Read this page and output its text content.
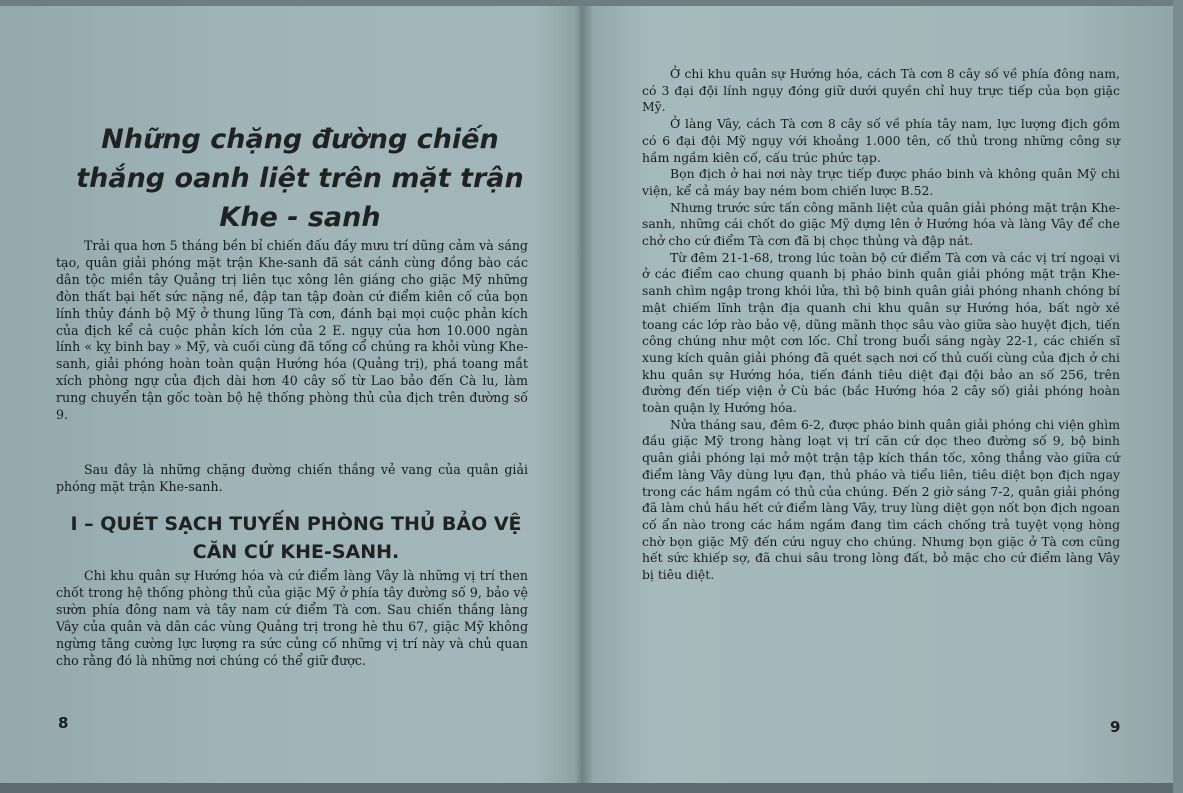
Những chặng đường chiến thắng oanh liệt trên mặt trận Khe - sanh

Trải qua hơn 5 tháng bền bỉ chiến đấu đầy mưu trí dũng cảm và sáng tạo, quân giải phóng mặt trận Khe-sanh đã sát cánh cùng đồng bào các dân tộc miền tây Quảng trị liên tục xông lên giáng cho giặc Mỹ những đòn thất bại hết sức nặng nề, đập tan tập đoàn cứ điểm kiên cố của bọn lính thủy đánh bộ Mỹ ở thung lũng Tà cơn, đánh bại mọi cuộc phản kích của địch kể cả cuộc phản kích lớn của 2 E. ngụy của hơn 10.000 ngàn lính « kỵ binh bay » Mỹ, và cuối cùng đã tống cổ chúng ra khỏi vùng Khe-sanh, giải phóng hoàn toàn quận Hướng hóa (Quảng trị), phá toang mắt xích phòng ngự của địch dài hơn 40 cây số từ Lao bảo đến Cà lu, làm rung chuyển tận gốc toàn bộ hệ thống phòng thủ của địch trên đường số 9.

Sau đây là những chặng đường chiến thắng vẻ vang của quân giải phóng mặt trận Khe-sanh.

I – QUÉT SẠCH TUYẾN PHÒNG THỦ BẢO VỆ CĂN CỨ KHE-SANH.

Chi khu quân sự Hướng hóa và cứ điểm làng Vây là những vị trí then chốt trong hệ thống phòng thủ của giặc Mỹ ở phía tây đường số 9, bảo vệ sườn phía đông nam và tây nam cứ điểm Tà cơn. Sau chiến thắng làng Vây của quân và dân các vùng Quảng trị trong hè thu 67, giặc Mỹ không ngừng tăng cường lực lượng ra sức củng cố những vị trí này và chủ quan cho rằng đó là những nơi chúng có thể giữ được.

8

Ở chi khu quân sự Hướng hóa, cách Tà cơn 8 cây số về phía đông nam, có 3 đại đội lính ngụy đóng giữ dưới quyền chỉ huy trực tiếp của bọn giặc Mỹ.

Ở làng Vây, cách Tà cơn 8 cây số về phía tây nam, lực lượng địch gồm có 6 đại đội Mỹ ngụy với khoảng 1.000 tên, cố thủ trong những công sự hầm ngầm kiên cố, cấu trúc phức tạp.

Bọn địch ở hai nơi này trực tiếp được pháo binh và không quân Mỹ chi viện, kể cả máy bay ném bom chiến lược B.52.

Nhưng trước sức tấn công mãnh liệt của quân giải phóng mặt trận Khe-sanh, những cái chốt do giặc Mỹ dựng lên ở Hướng hóa và làng Vây để che chở cho cứ điểm Tà cơn đã bị chọc thủng và đập nát.

Từ đêm 21-1-68, trong lúc toàn bộ cứ điểm Tà cơn và các vị trí ngoại vi ở các điểm cao chung quanh bị pháo binh quân giải phóng mặt trận Khe-sanh chìm ngập trong khói lửa, thì bộ binh quân giải phóng nhanh chóng bí mật chiếm lĩnh trận địa quanh chi khu quân sự Hướng hóa, bất ngờ xé toang các lớp rào bảo vệ, dũng mãnh thọc sâu vào giữa sào huyệt địch, tiến công chúng như một cơn lốc. Chỉ trong buổi sáng ngày 22-1, các chiến sĩ xung kích quân giải phóng đã quét sạch nơi cố thủ cuối cùng của địch ở chi khu quân sự Hướng hóa, tiến đánh tiêu diệt đại đội bảo an số 256, trên đường đến tiếp viện ở Cù bác (bắc Hướng hóa 2 cây số) giải phóng hoàn toàn quận lỵ Hướng hóa.

Nửa tháng sau, đêm 6-2, được pháo binh quân giải phóng chi viện ghìm đầu giặc Mỹ trong hàng loạt vị trí căn cứ dọc theo đường số 9, bộ binh quân giải phóng lại mở một trận tập kích thần tốc, xông thẳng vào giữa cứ điểm làng Vây dùng lựu đạn, thủ pháo và tiểu liên, tiêu diệt bọn địch ngay trong các hầm ngầm có thủ của chúng. Đến 2 giờ sáng 7-2, quân giải phóng đã làm chủ hầu hết cứ điểm làng Vây, truy lùng diệt gọn nốt bọn địch ngoan cố ẩn nào trong các hầm ngầm đang tìm cách chống trả tuyệt vọng hòng chờ bọn giặc Mỹ đến cứu nguy cho chúng. Nhưng bọn giặc ở Tà cơn cũng hết sức khiếp sợ, đã chui sâu trong lòng đất, bỏ mặc cho cứ điểm làng Vây bị tiêu diệt.

9
